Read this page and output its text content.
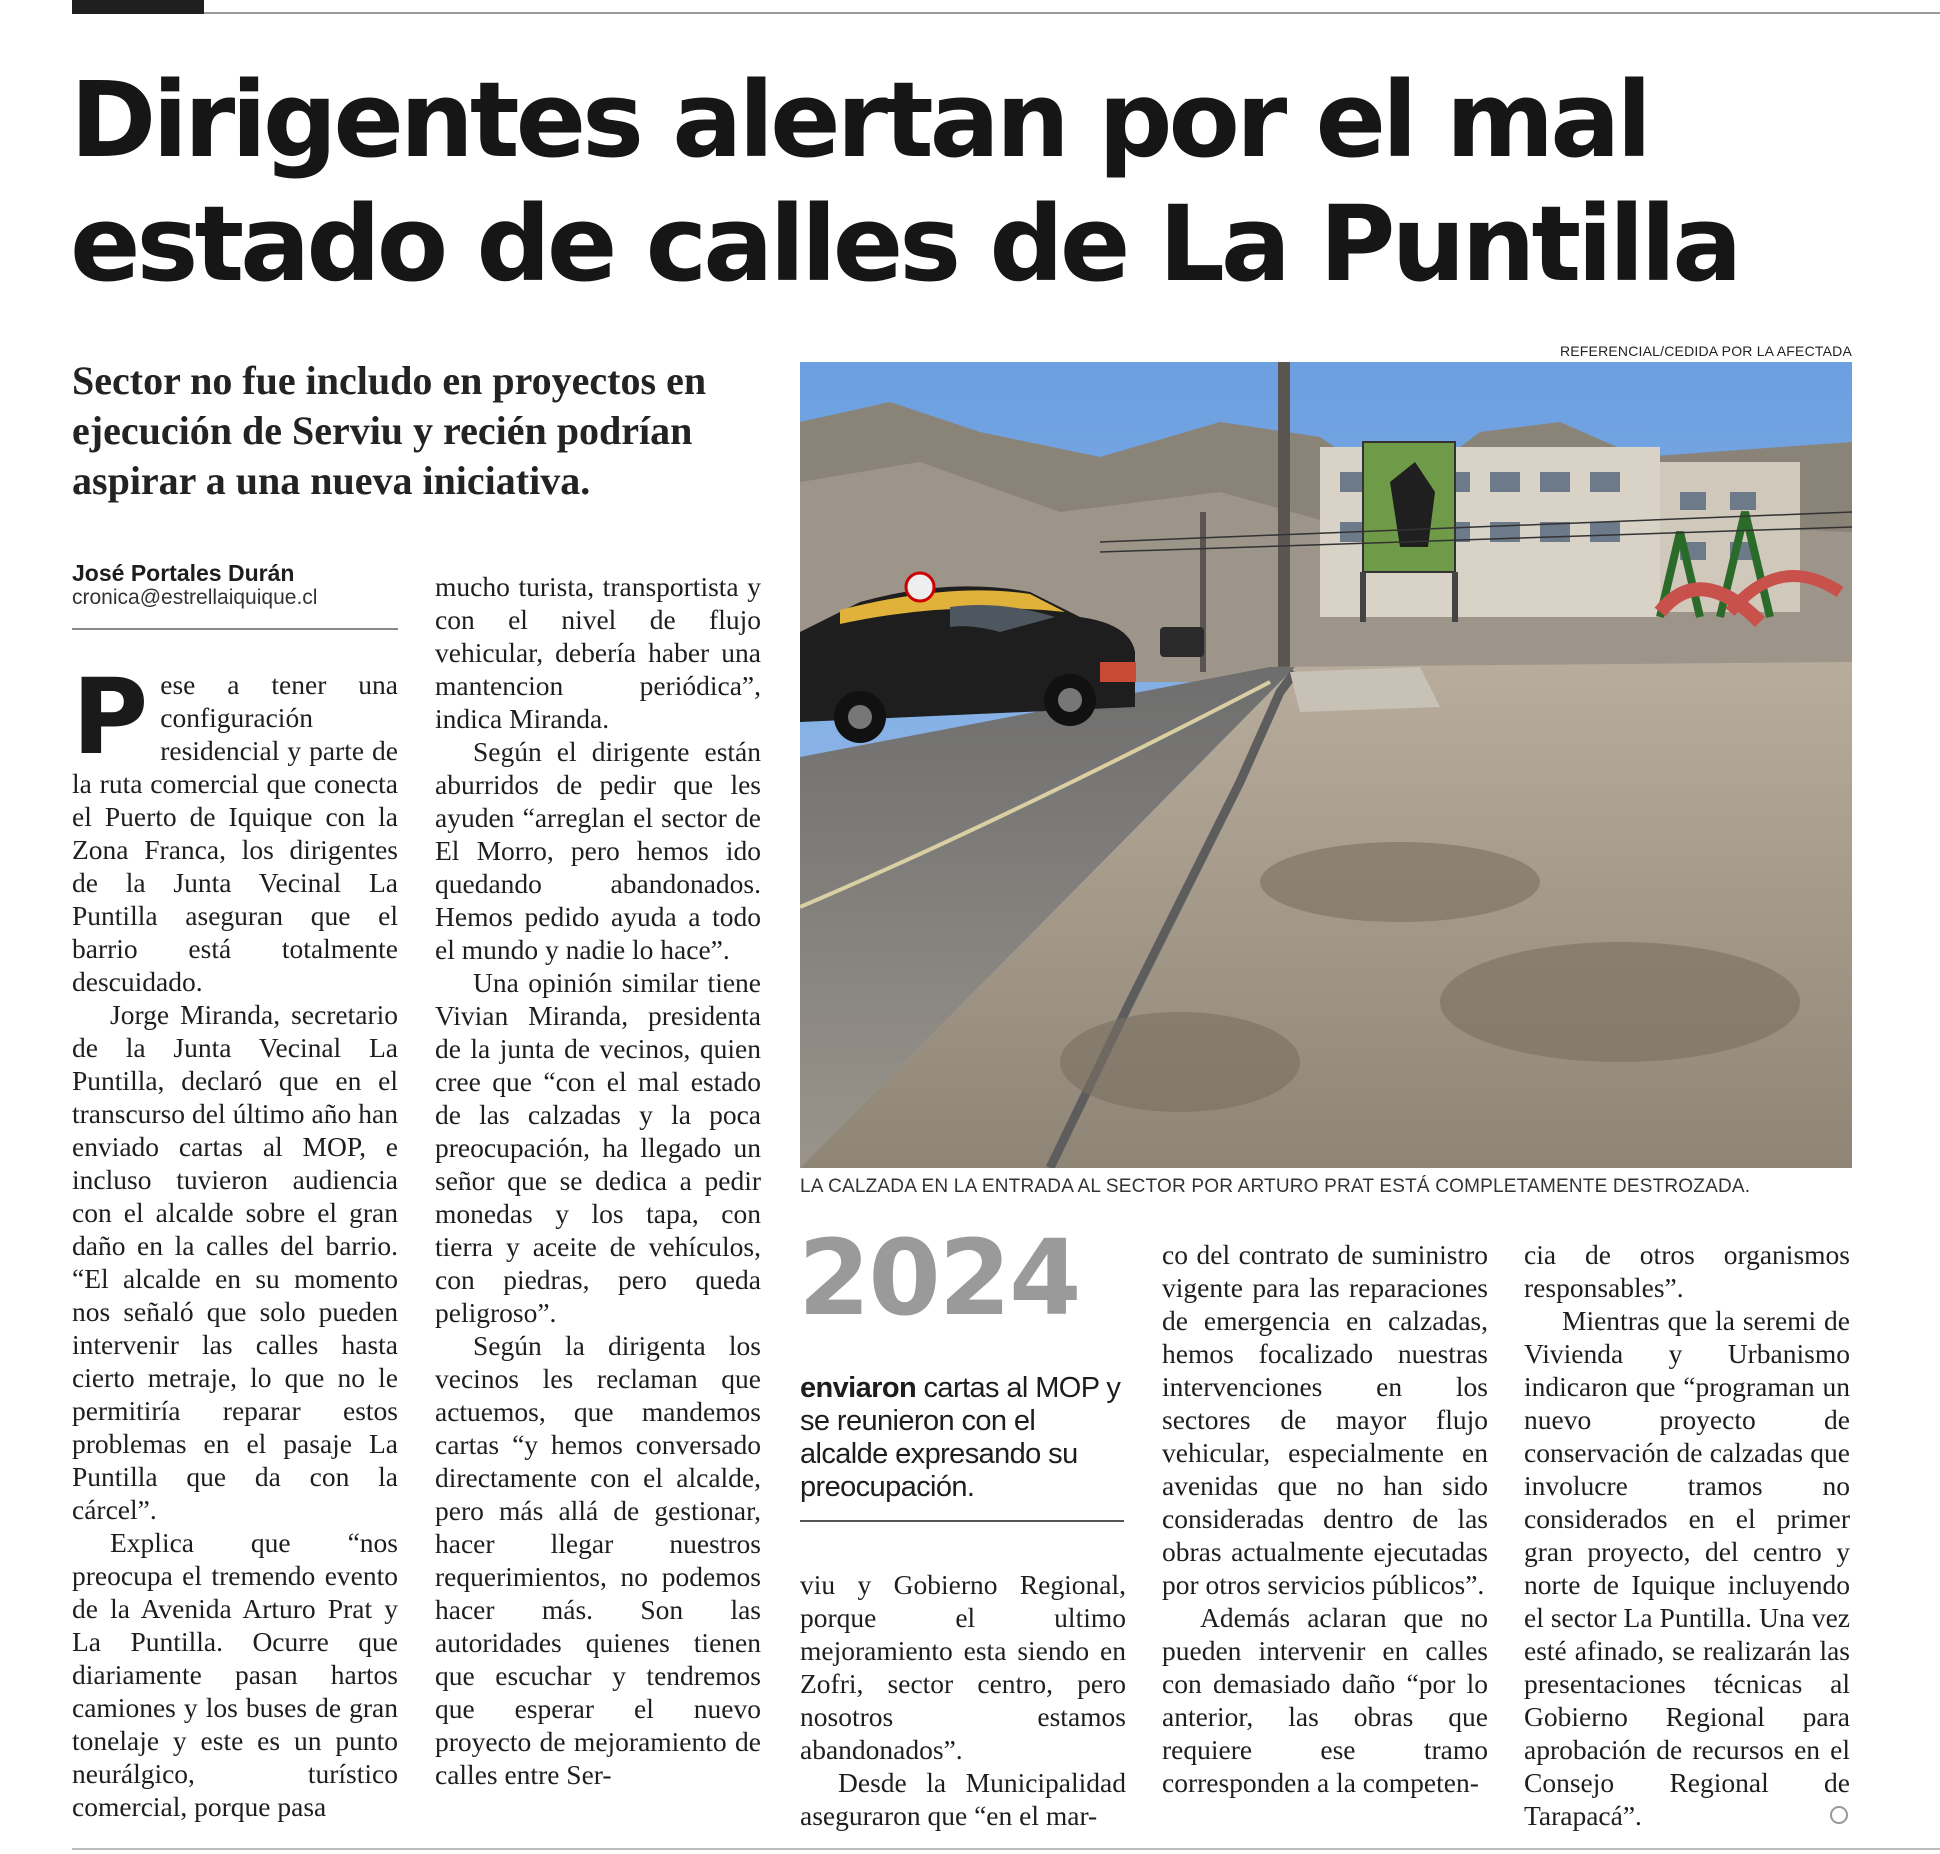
Dirigentes alertan por el mal
estado de calles de La Puntilla
Sector no fue includo en proyectos en ejecución de Serviu y recién podrían aspirar a una nueva iniciativa.
José Portales Durán
cronica@estrellaiquique.cl
REFERENCIAL/CEDIDA POR LA AFECTADA
LA CALZADA EN LA ENTRADA AL SECTOR POR ARTURO PRAT ESTÁ COMPLETAMENTE DESTROZADA.

Pese a tener una configuración residencial y parte de la ruta comercial que conecta el Puerto de Iquique con la Zona Franca, los dirigentes de la Junta Vecinal La Puntilla aseguran que el barrio está totalmente descuidado.

Jorge Miranda, secretario de la Junta Vecinal La Puntilla, declaró que en el transcurso del último año han enviado cartas al MOP, e incluso tuvieron audiencia con el alcalde sobre el gran daño en la calles del barrio. “El alcalde en su momento nos señaló que solo pueden intervenir las calles hasta cierto metraje, lo que no le permitiría reparar estos problemas en el pasaje La Puntilla que da con la cárcel”.

Explica que “nos preocupa el tremendo evento de la Avenida Arturo Prat y La Puntilla. Ocurre que diariamente pasan hartos camiones y los buses de gran tonelaje y este es un punto neurálgico, turístico comercial, porque pasa

mucho turista, transportista y con el nivel de flujo vehicular, debería haber una mantencion periódica”, indica Miranda.

Según el dirigente están aburridos de pedir que les ayuden “arreglan el sector de El Morro, pero hemos ido quedando abandonados. Hemos pedido ayuda a todo el mundo y nadie lo hace”.

Una opinión similar tiene Vivian Miranda, presidenta de la junta de vecinos, quien cree que “con el mal estado de las calzadas y la poca preocupación, ha llegado un señor que se dedica a pedir monedas y los tapa, con tierra y aceite de vehículos, con piedras, pero queda peligroso”.

Según la dirigenta los vecinos les reclaman que actuemos, que mandemos cartas “y hemos conversado directamente con el alcalde, pero más allá de gestionar, hacer llegar nuestros requerimientos, no podemos hacer más. Son las autoridades quienes tienen que escuchar y tendremos que esperar el nuevo proyecto de mejoramiento de calles entre Ser-

2024
enviaron cartas al MOP y se reunieron con el alcalde expresando su preocupación.

viu y Gobierno Regional, porque el ultimo mejoramiento esta siendo en Zofri, sector centro, pero nosotros estamos abandonados”.

Desde la Municipalidad aseguraron que “en el mar-

co del contrato de suministro vigente para las reparaciones de emergencia en calzadas, hemos focalizado nuestras intervenciones en los sectores de mayor flujo vehicular, especialmente en avenidas que no han sido consideradas dentro de las obras actualmente ejecutadas por otros servicios públicos”.

Además aclaran que no pueden intervenir en calles con demasiado daño “por lo anterior, las obras que requiere ese tramo corresponden a la competen-

cia de otros organismos responsables”.

Mientras que la seremi de Vivienda y Urbanismo indicaron que “programan un nuevo proyecto de conservación de calzadas que involucre tramos no considerados en el primer gran proyecto, del centro y norte de Iquique incluyendo el sector La Puntilla. Una vez esté afinado, se realizarán las presentaciones técnicas al Gobierno Regional para aprobación de recursos en el Consejo Regional de Tarapacá”.
